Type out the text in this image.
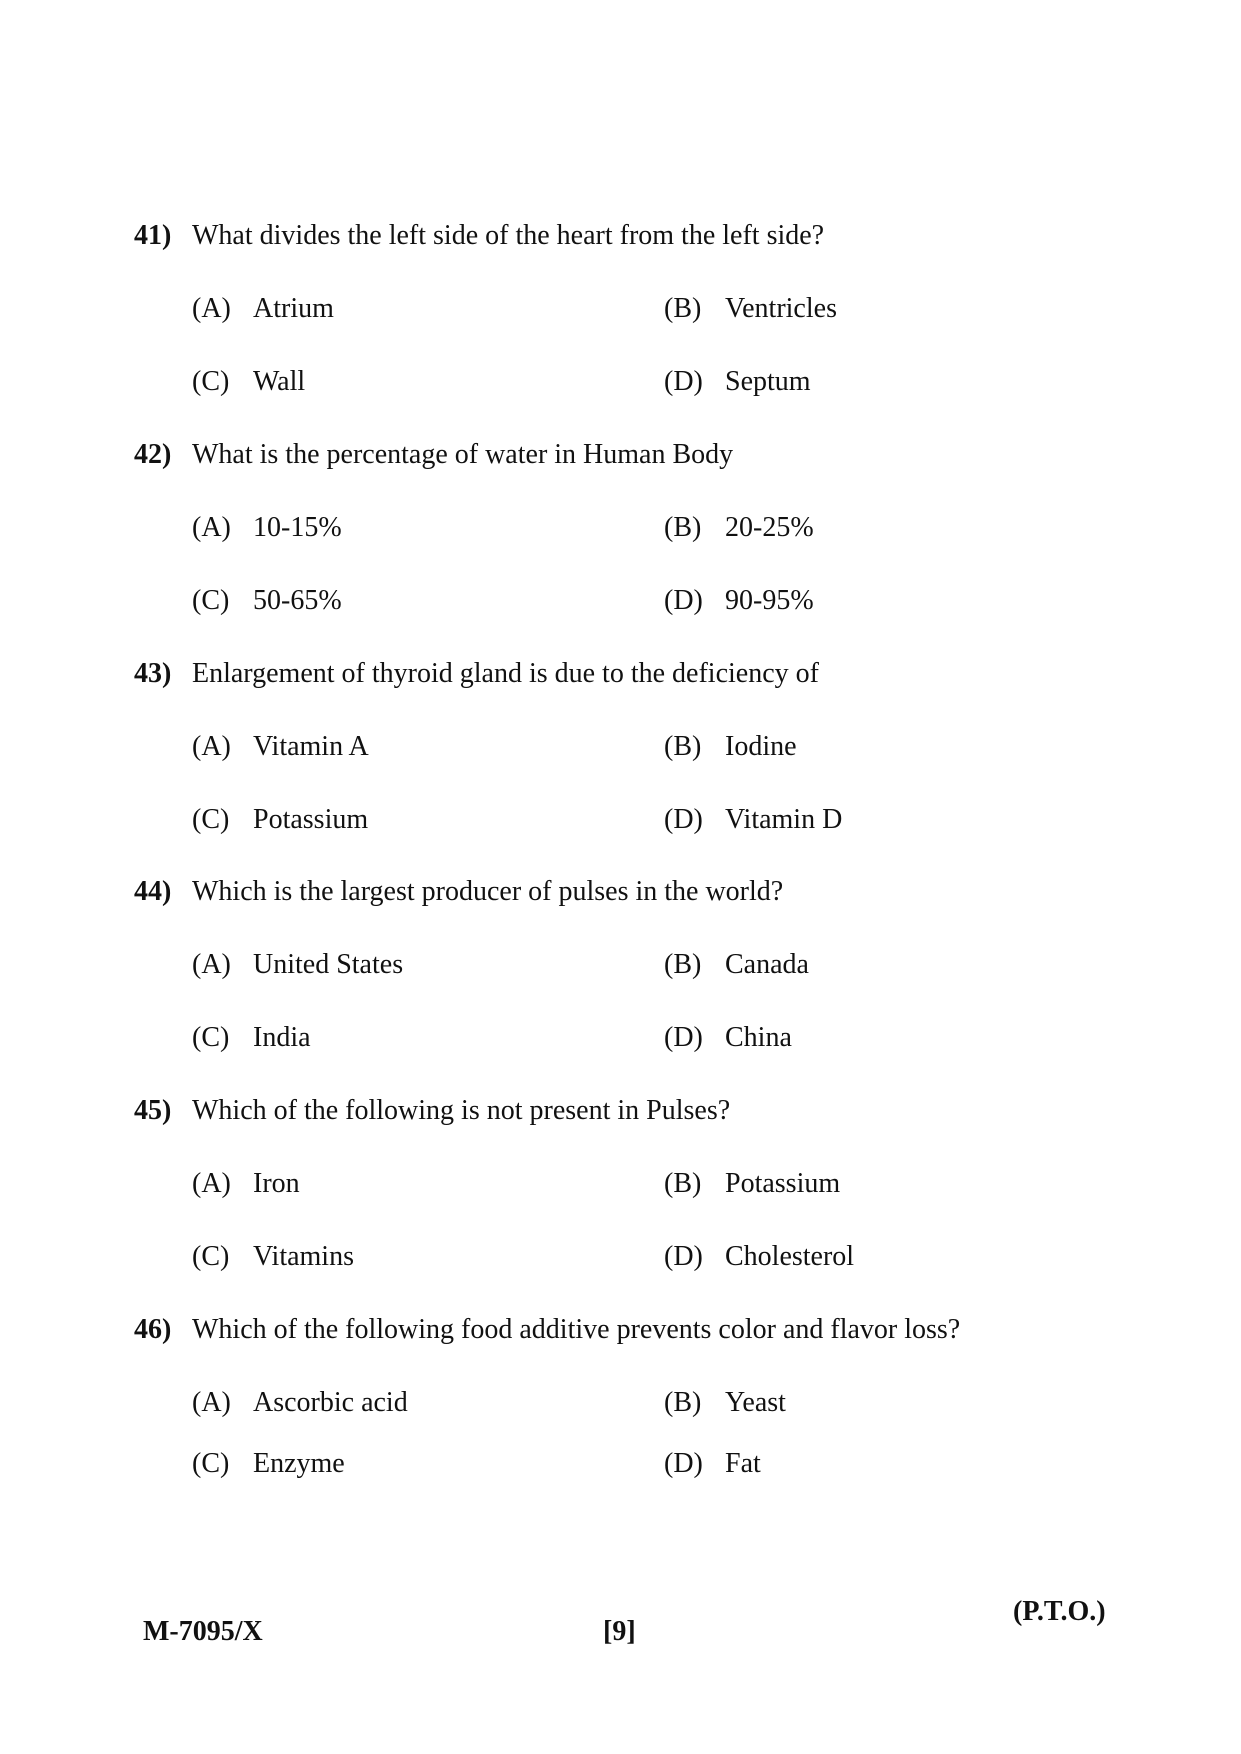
41) What divides the left side of the heart from the left side?
(A) Atrium	(B) Ventricles
(C) Wall	(D) Septum
42) What is the percentage of water in Human Body
(A) 10-15%	(B) 20-25%
(C) 50-65%	(D) 90-95%
43) Enlargement of thyroid gland is due to the deficiency of
(A) Vitamin A	(B) Iodine
(C) Potassium	(D) Vitamin D
44) Which is the largest producer of pulses in the world?
(A) United States	(B) Canada
(C) India	(D) China
45) Which of the following is not present in Pulses?
(A) Iron	(B) Potassium
(C) Vitamins	(D) Cholesterol
46) Which of the following food additive prevents color and flavor loss?
(A) Ascorbic acid	(B) Yeast
(C) Enzyme	(D) Fat
M-7095/X	[9]
(P.T.O.)
